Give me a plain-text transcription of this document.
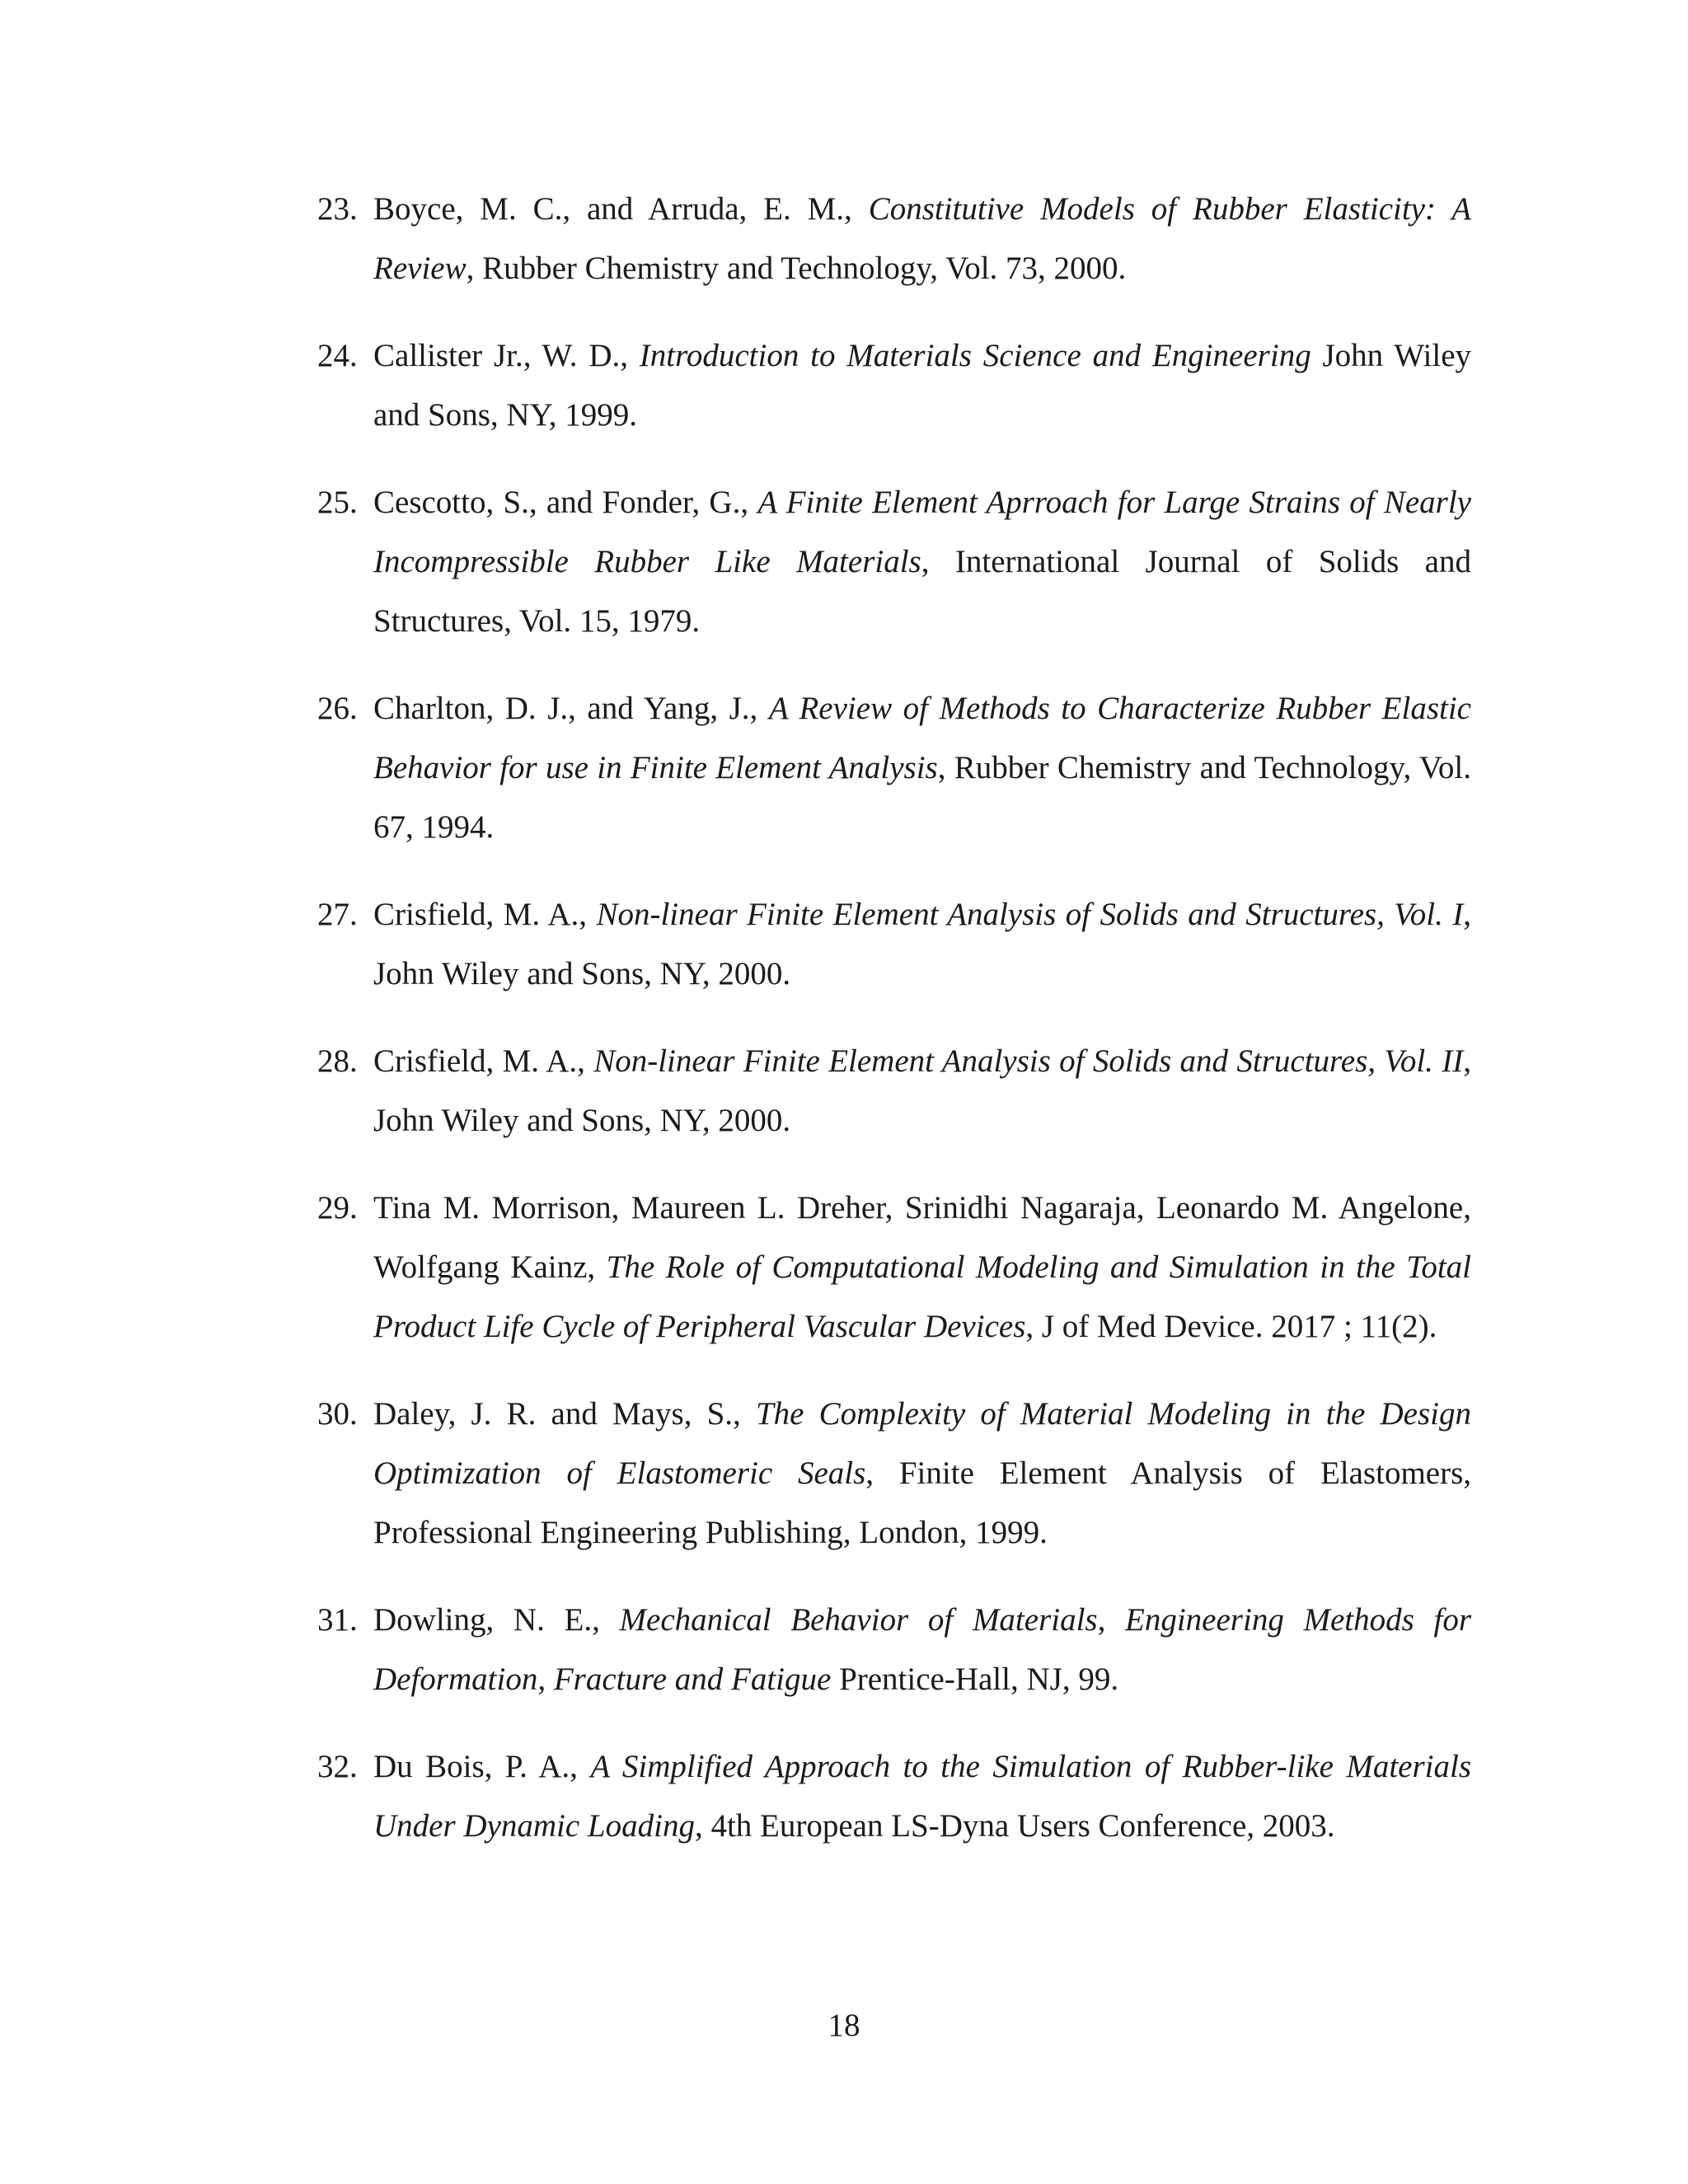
23. Boyce, M. C., and Arruda, E. M., Constitutive Models of Rubber Elasticity: A Review, Rubber Chemistry and Technology, Vol. 73, 2000.
24. Callister Jr., W. D., Introduction to Materials Science and Engineering John Wiley and Sons, NY, 1999.
25. Cescotto, S., and Fonder, G., A Finite Element Aprroach for Large Strains of Nearly Incompressible Rubber Like Materials, International Journal of Solids and Structures, Vol. 15, 1979.
26. Charlton, D. J., and Yang, J., A Review of Methods to Characterize Rubber Elastic Behavior for use in Finite Element Analysis, Rubber Chemistry and Technology, Vol. 67, 1994.
27. Crisfield, M. A., Non-linear Finite Element Analysis of Solids and Structures, Vol. I, John Wiley and Sons, NY, 2000.
28. Crisfield, M. A., Non-linear Finite Element Analysis of Solids and Structures, Vol. II, John Wiley and Sons, NY, 2000.
29. Tina M. Morrison, Maureen L. Dreher, Srinidhi Nagaraja, Leonardo M. Angelone, Wolfgang Kainz, The Role of Computational Modeling and Simulation in the Total Product Life Cycle of Peripheral Vascular Devices, J of Med Device. 2017 ; 11(2).
30. Daley, J. R. and Mays, S., The Complexity of Material Modeling in the Design Optimization of Elastomeric Seals, Finite Element Analysis of Elastomers, Professional Engineering Publishing, London, 1999.
31. Dowling, N. E., Mechanical Behavior of Materials, Engineering Methods for Deformation, Fracture and Fatigue Prentice-Hall, NJ, 99.
32. Du Bois, P. A., A Simplified Approach to the Simulation of Rubber-like Materials Under Dynamic Loading, 4th European LS-Dyna Users Conference, 2003.
18
